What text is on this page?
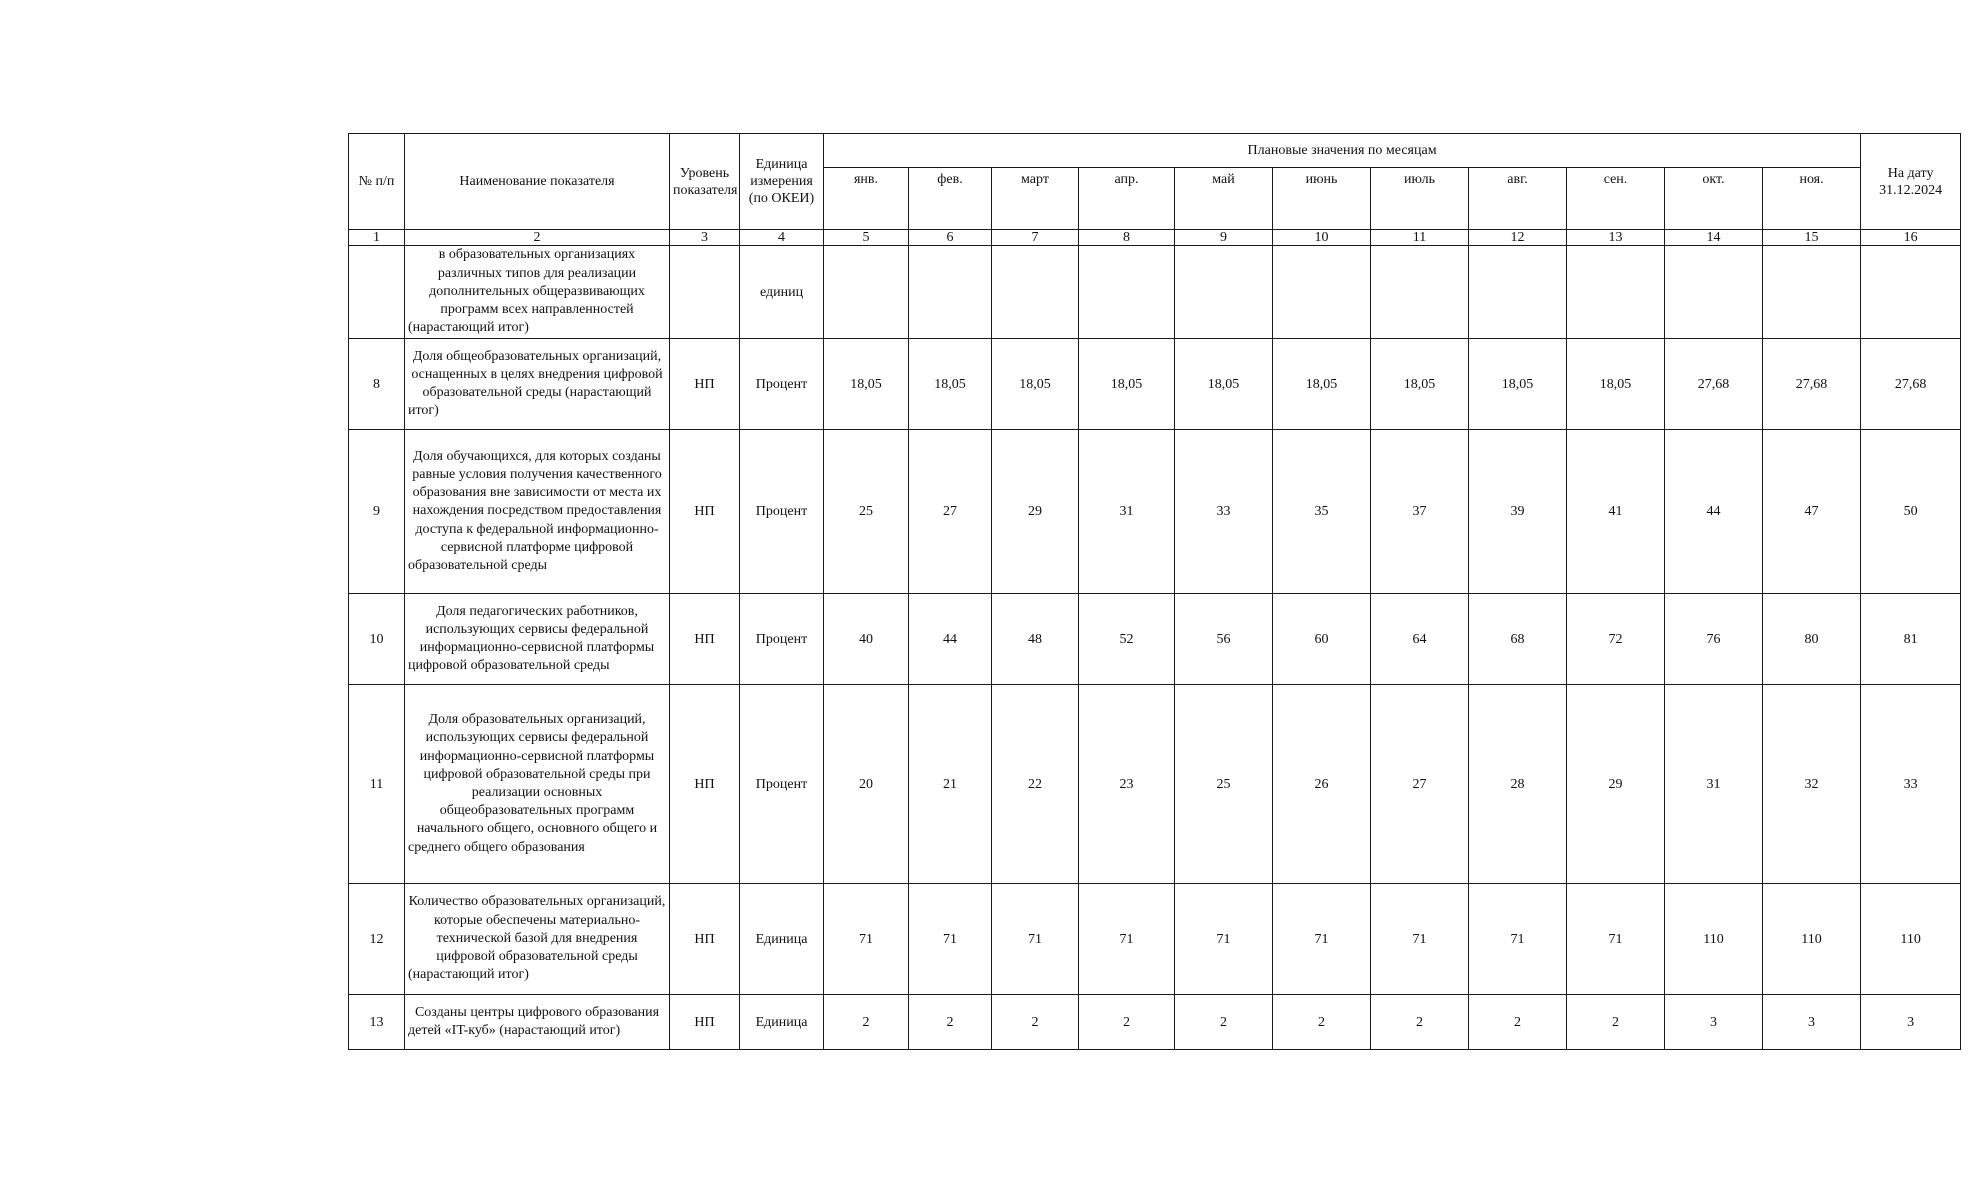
№ п/п	Наименование показателя	Уровень показателя	Единица измерения (по ОКЕИ)	Плановые значения по месяцам											На дату 31.12.2024
				янв.	фев.	март	апр.	май	июнь	июль	авг.	сен.	окт.	ноя.	
1	2	3	4	5	6	7	8	9	10	11	12	13	14	15	16
	в образовательных организациях различных типов для реализации дополнительных общеразвивающих программ всех направленностей (нарастающий итог)		единиц												
8	Доля общеобразовательных организаций, оснащенных в целях внедрения цифровой образовательной среды (нарастающий итог)	НП	Процент	18,05	18,05	18,05	18,05	18,05	18,05	18,05	18,05	18,05	27,68	27,68	27,68
9	Доля обучающихся, для которых созданы равные условия получения качественного образования вне зависимости от места их нахождения посредством предоставления доступа к федеральной информационно-сервисной платформе цифровой образовательной среды	НП	Процент	25	27	29	31	33	35	37	39	41	44	47	50
10	Доля педагогических работников, использующих сервисы федеральной информационно-сервисной платформы цифровой образовательной среды	НП	Процент	40	44	48	52	56	60	64	68	72	76	80	81
11	Доля образовательных организаций, использующих сервисы федеральной информационно-сервисной платформы цифровой образовательной среды при реализации основных общеобразовательных программ начального общего, основного общего и среднего общего образования	НП	Процент	20	21	22	23	25	26	27	28	29	31	32	33
12	Количество образовательных организаций, которые обеспечены материально-технической базой для внедрения цифровой образовательной среды (нарастающий итог)	НП	Единица	71	71	71	71	71	71	71	71	71	110	110	110
13	Созданы центры цифрового образования детей «IT-куб» (нарастающий итог)	НП	Единица	2	2	2	2	2	2	2	2	2	3	3	3
